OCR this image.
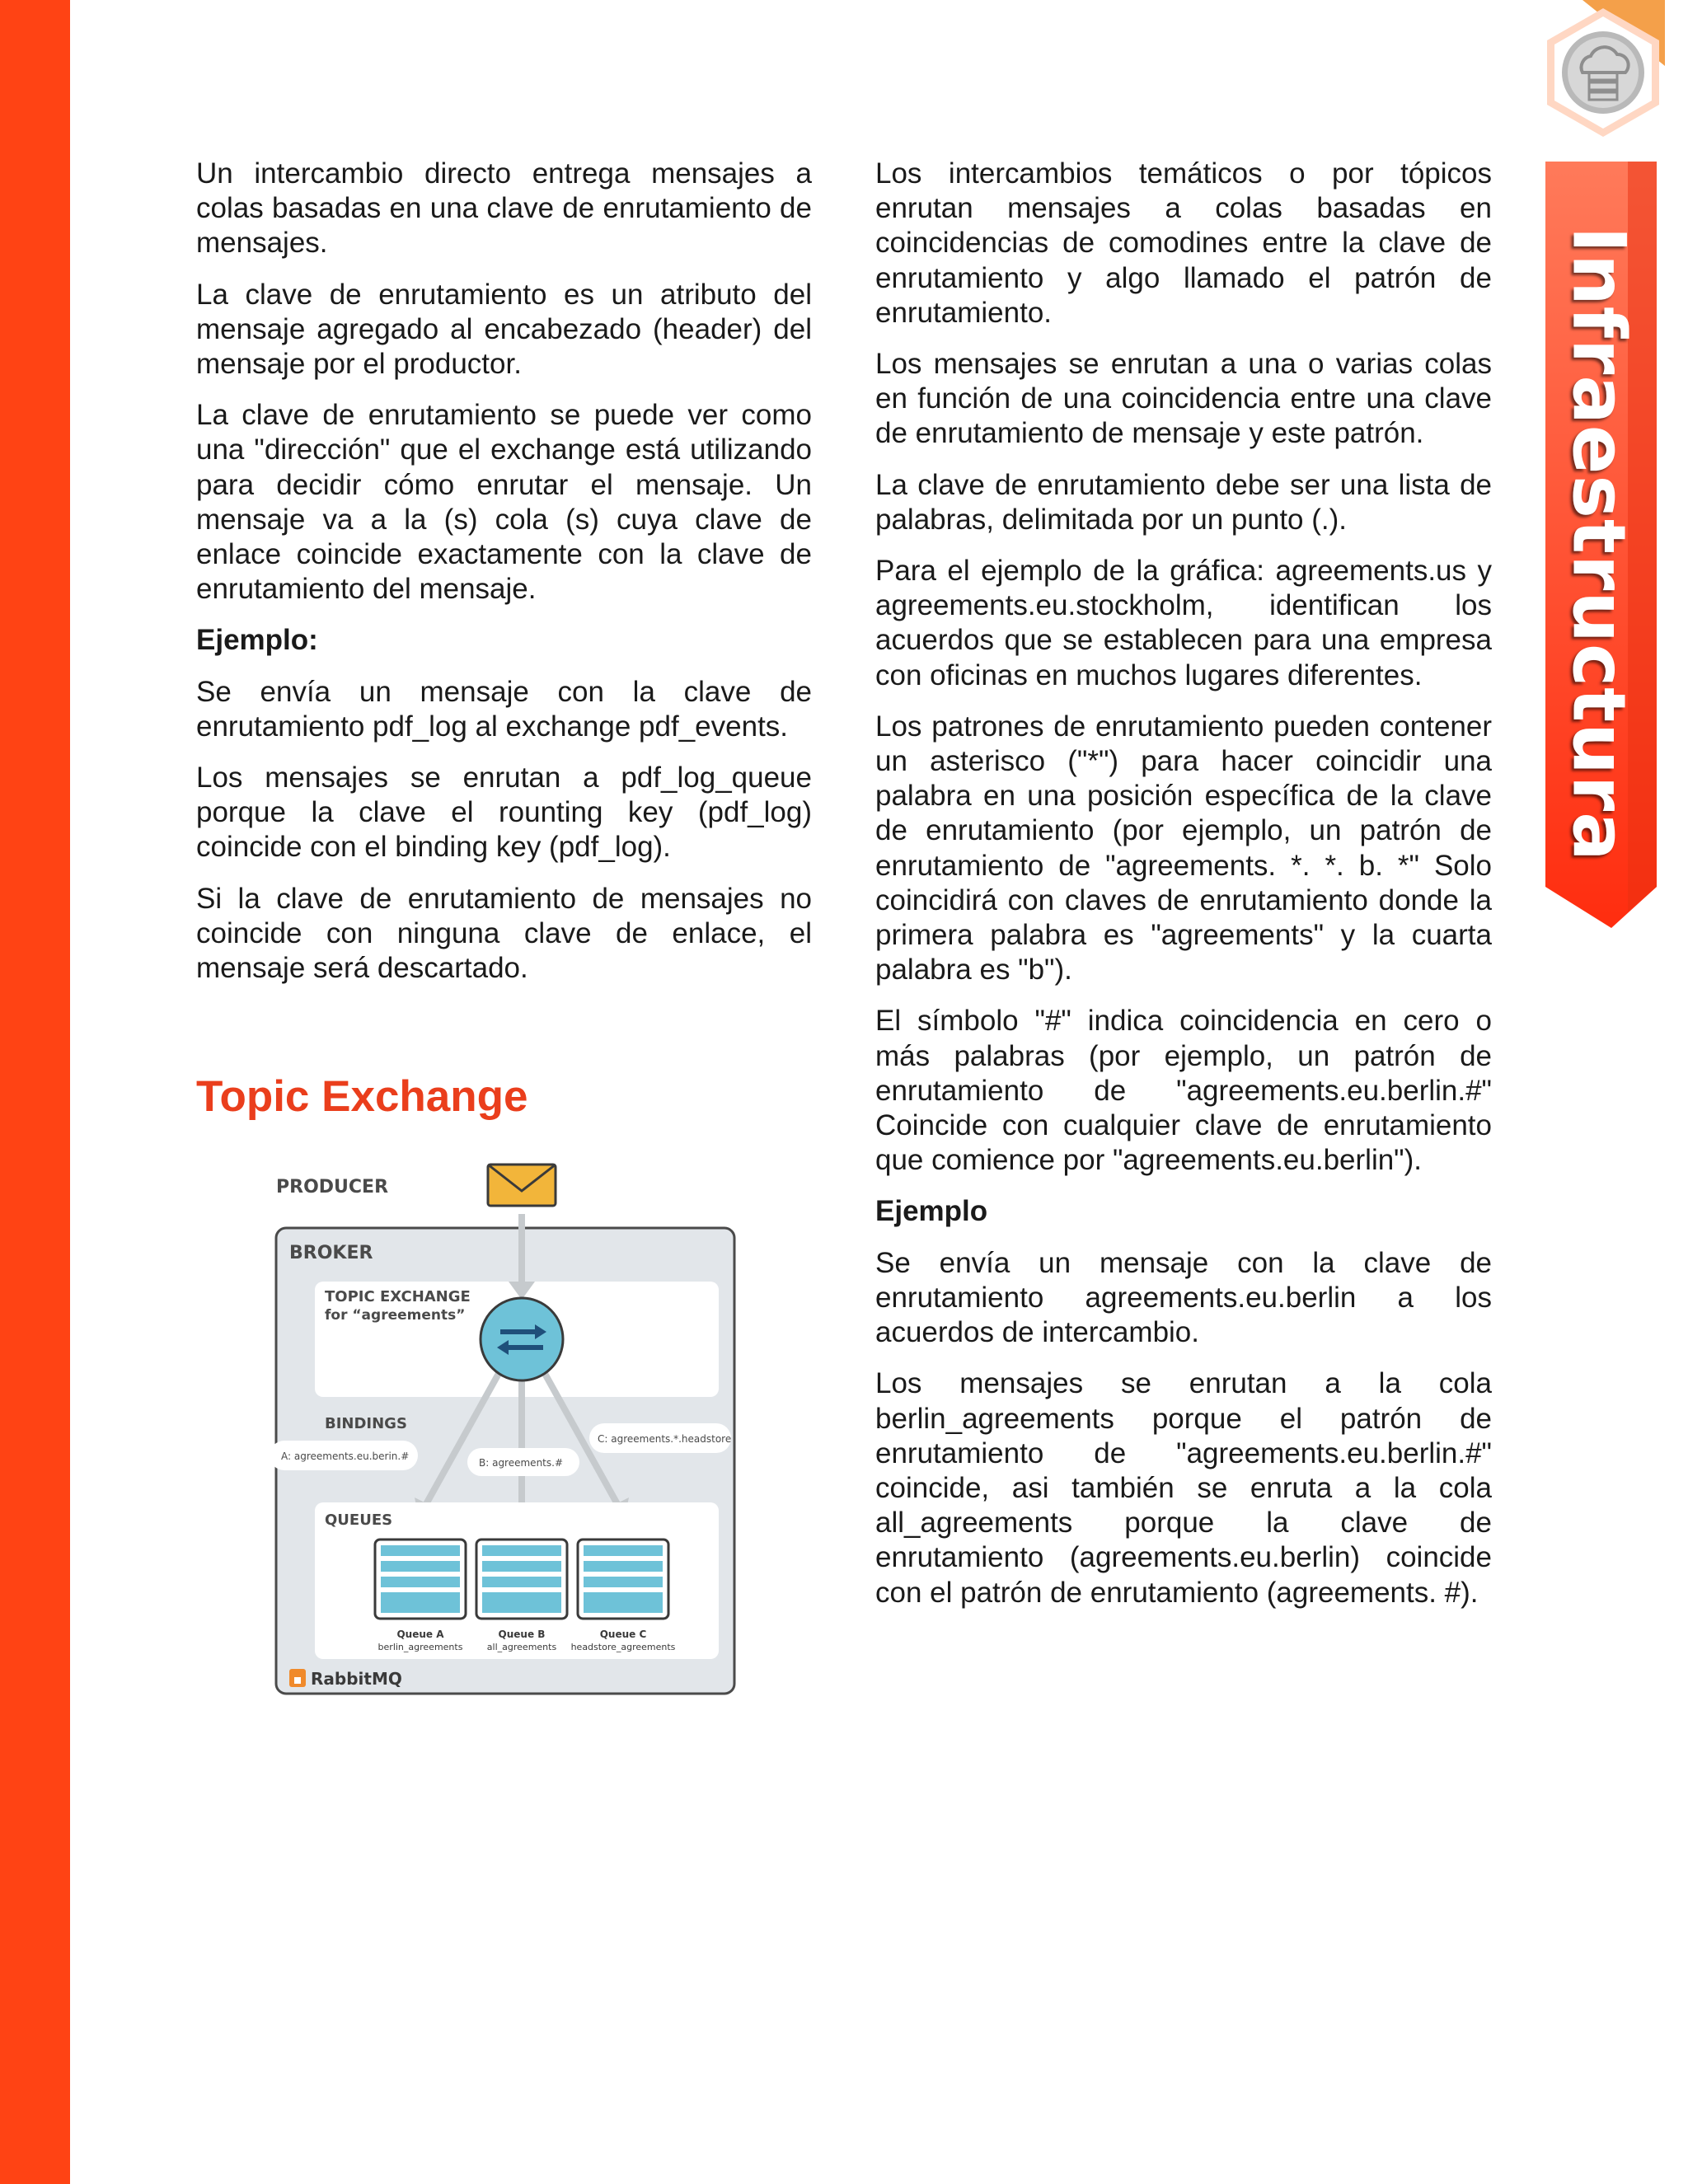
Infraestructura

Un intercambio directo entrega mensajes a colas basadas en una clave de enrutamiento de mensajes.

La clave de enrutamiento es un atributo del mensaje agregado al encabezado (header) del mensaje por el productor.

La clave de enrutamiento se puede ver como una "dirección" que el exchange está utilizando para decidir cómo enrutar el mensaje. Un mensaje va a la (s) cola (s) cuya clave de enlace coincide exactamente con la clave de enrutamiento del mensaje.

Ejemplo:

Se envía un mensaje con la clave de enrutamiento pdf_log al exchange pdf_events.

Los mensajes se enrutan a pdf_log_queue porque la clave el rounting key (pdf_log) coincide con el binding key (pdf_log).

Si la clave de enrutamiento de mensajes no coincide con ninguna clave de enlace, el mensaje será descartado.

Topic Exchange
PRODUCER
BROKER
TOPIC EXCHANGE
for “agreements”
BINDINGS
A: agreements.eu.berin.#
B: agreements.#
C: agreements.*.headstore
QUEUES
Queue A
berlin_agreements
Queue B
all_agreements
Queue C
headstore_agreements
RabbitMQ

Los intercambios temáticos o por tópicos enrutan mensajes a colas basadas en coincidencias de comodines entre la clave de enrutamiento y algo llamado el patrón de enrutamiento.

Los mensajes se enrutan a una o varias colas en función de una coincidencia entre una clave de enrutamiento de mensaje y este patrón.

La clave de enrutamiento debe ser una lista de palabras, delimitada por un punto (.).

Para el ejemplo de la gráfica: agreements.us y agreements.eu.stockholm, identifican los acuerdos que se establecen para una empresa con oficinas en muchos lugares diferentes.

Los patrones de enrutamiento pueden contener un asterisco ("*") para hacer coincidir una palabra en una posición específica de la clave de enrutamiento (por ejemplo, un patrón de enrutamiento de "agreements. *. *. b. *" Solo coincidirá con claves de enrutamiento donde la primera palabra es "agreements" y la cuarta palabra es "b").

El símbolo "#" indica coincidencia en cero o más palabras (por ejemplo, un patrón de enrutamiento de "agreements.eu.berlin.#" Coincide con cualquier clave de enrutamiento que comience por "agreements.eu.berlin").

Ejemplo

Se envía un mensaje con la clave de enrutamiento agreements.eu.berlin a los acuerdos de intercambio.

Los mensajes se enrutan a la cola berlin_agreements porque el patrón de enrutamiento de "agreements.eu.berlin.#" coincide, asi también se enruta a la cola all_agreements porque la clave de enrutamiento (agreements.eu.berlin) coincide con el patrón de enrutamiento (agreements. #).
